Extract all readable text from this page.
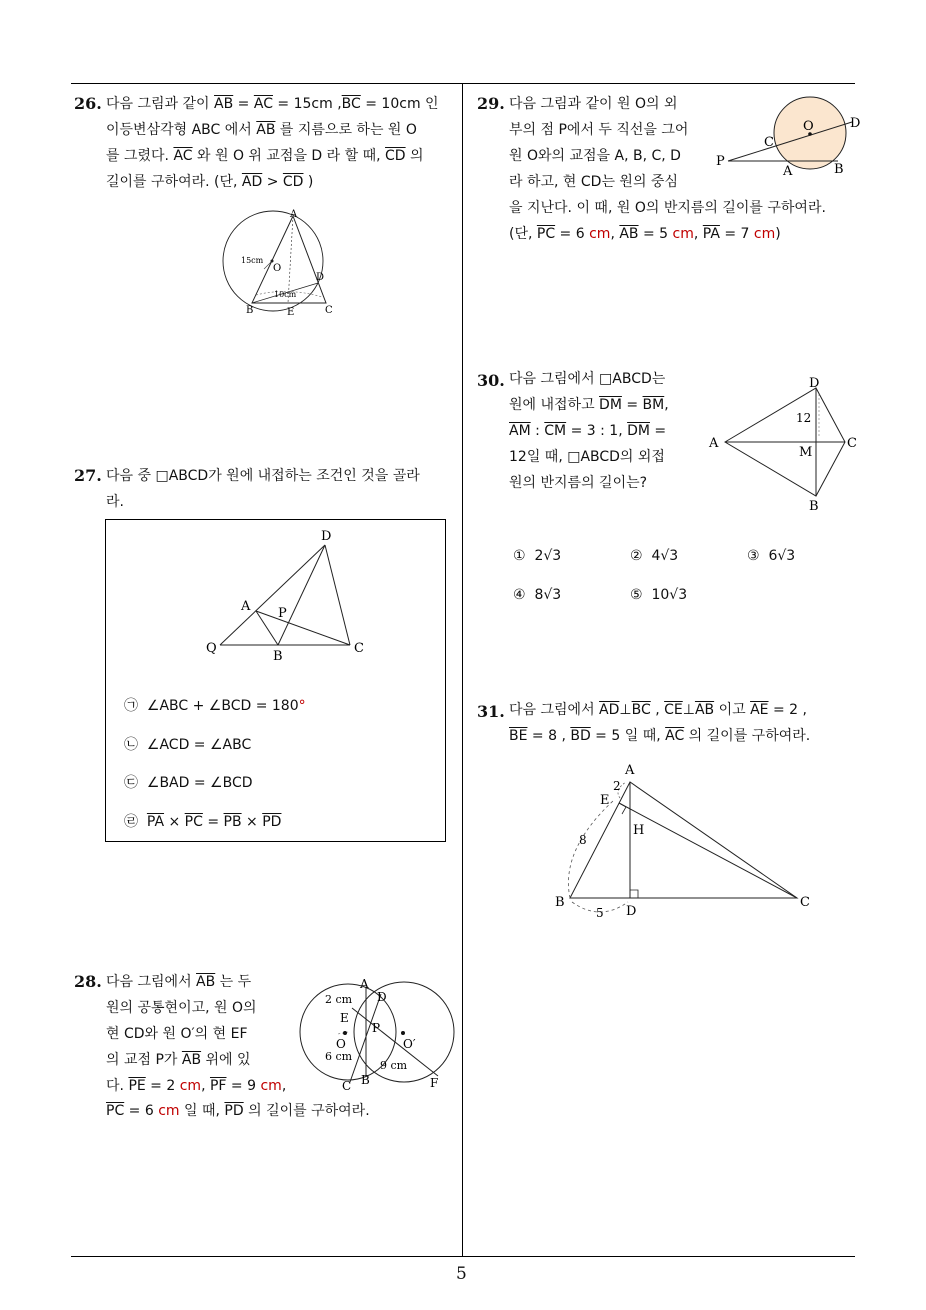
5
26. 다음 그림과 같이 $\overline{AB} = \overline{AC} = 15cm$ $,\overline{BC} = 10cm$ 인
이등변삼각형 ABC 에서 $\overline{AB}$ 를 지름으로 하는 원 O
를 그렸다. $\overline{AC}$ 와 원 O 위 교점을 D 라 할 때, $\overline{CD}$ 의
길이를 구하여라. (단, $\overline{AD} > \overline{CD}$ )
A
B	C
D
E
O
15cm
10cm
27. 다음 중 □ABCD가 원에 내접하는 조건인 것을 골라
라.
D
A P
Q
B
C
㉠ ∠ABC + ∠BCD = 180°
㉡ ∠ACD = ∠ABC
㉢ ∠BAD = ∠BCD
㉣ $\overline{PA} \times \overline{PC} = \overline{PB} \times \overline{PD}$
28. 다음 그림에서 $\overline{AB}$ 는 두
원의 공통현이고, 원 O의
현 CD와 원 O′의 현 EF
의 교점 P가 $\overline{AB}$ 위에 있
다. $\overline{PE} = 2$ cm, $\overline{PF} = 9$ cm,
$\overline{PC} = 6$ cm 일 때, $\overline{PD}$ 의 길이를 구하여라.
A
D
E
P
O	O′
C B	F
2 cm
6 cm
9 cm
29. 다음 그림과 같이 원 O의 외
부의 점 P에서 두 직선을 그어
원 O와의 교점을 A, B, C, D
라 하고, 현 CD는 원의 중심
을 지난다. 이 때, 원 O의 반지름의 길이를 구하여라.
(단, $\overline{PC} = 6$ cm, $\overline{AB} = 5$ cm, $\overline{PA} = 7$ cm)
P
C
O	D
A	B
30. 다음 그림에서 □ABCD는
원에 내접하고 $\overline{DM} = \overline{BM}$,
$\overline{AM}$ : $\overline{CM} = 3$ : 1, $\overline{DM}$ =
12일 때, □ABCD의 외접
원의 반지름의 길이는?
D
A	C
B
M
12
① 2√3	② 4√3	③ 6√3
④ 8√3	⑤ 10√3
31. 다음 그림에서 $\overline{AD}\perp\overline{BC}$ , $\overline{CE}\perp\overline{AB}$ 이고 $\overline{AE} = 2$ ,
$\overline{BE} = 8$ , $\overline{BD} = 5$ 일 때, $\overline{AC}$ 의 길이를 구하여라.
A
E
H
B
D
C
2
8
5
